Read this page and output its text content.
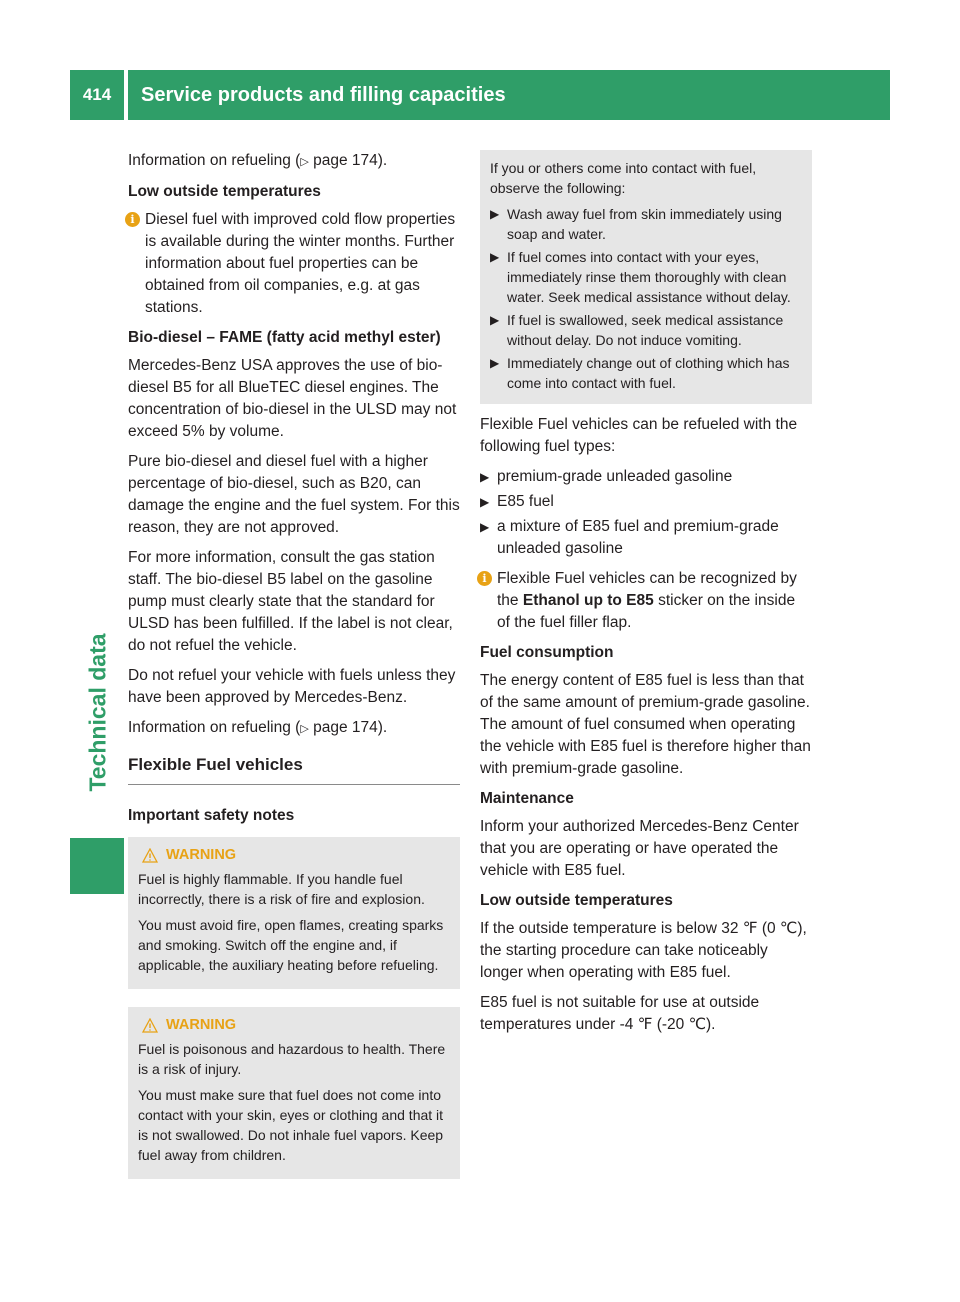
414	Service products and filling capacities
Technical data

Information on refueling (▷ page 174).

Low outside temperatures
i Diesel fuel with improved cold flow properties is available during the winter months. Further information about fuel properties can be obtained from oil companies, e.g. at gas stations.
Bio-diesel – FAME (fatty acid methyl ester)

Mercedes-Benz USA approves the use of bio-diesel B5 for all BlueTEC diesel engines. The concentration of bio-diesel in the ULSD may not exceed 5% by volume.

Pure bio-diesel and diesel fuel with a higher percentage of bio-diesel, such as B20, can damage the engine and the fuel system. For this reason, they are not approved.

For more information, consult the gas station staff. The bio-diesel B5 label on the gasoline pump must clearly state that the standard for ULSD has been fulfilled. If the label is not clear, do not refuel the vehicle.

Do not refuel your vehicle with fuels unless they have been approved by Mercedes-Benz.

Information on refueling (▷ page 174).

Flexible Fuel vehicles
Important safety notes
WARNING

Fuel is highly flammable. If you handle fuel incorrectly, there is a risk of fire and explosion.

You must avoid fire, open flames, creating sparks and smoking. Switch off the engine and, if applicable, the auxiliary heating before refueling.

WARNING

Fuel is poisonous and hazardous to health. There is a risk of injury.

You must make sure that fuel does not come into contact with your skin, eyes or clothing and that it is not swallowed. Do not inhale fuel vapors. Keep fuel away from children.

If you or others come into contact with fuel, observe the following:

▶ Wash away fuel from skin immediately using soap and water.
▶ If fuel comes into contact with your eyes, immediately rinse them thoroughly with clean water. Seek medical assistance without delay.
▶ If fuel is swallowed, seek medical assistance without delay. Do not induce vomiting.
▶ Immediately change out of clothing which has come into contact with fuel.

Flexible Fuel vehicles can be refueled with the following fuel types:

▶ premium-grade unleaded gasoline
▶ E85 fuel
▶ a mixture of E85 fuel and premium-grade unleaded gasoline
i Flexible Fuel vehicles can be recognized by the Ethanol up to E85 sticker on the inside of the fuel filler flap.
Fuel consumption

The energy content of E85 fuel is less than that of the same amount of premium-grade gasoline. The amount of fuel consumed when operating the vehicle with E85 fuel is therefore higher than with premium-grade gasoline.

Maintenance

Inform your authorized Mercedes-Benz Center that you are operating or have operated the vehicle with E85 fuel.

Low outside temperatures

If the outside temperature is below 32 ℉ (0 ℃), the starting procedure can take noticeably longer when operating with E85 fuel.

E85 fuel is not suitable for use at outside temperatures under -4 ℉ (-20 ℃).
